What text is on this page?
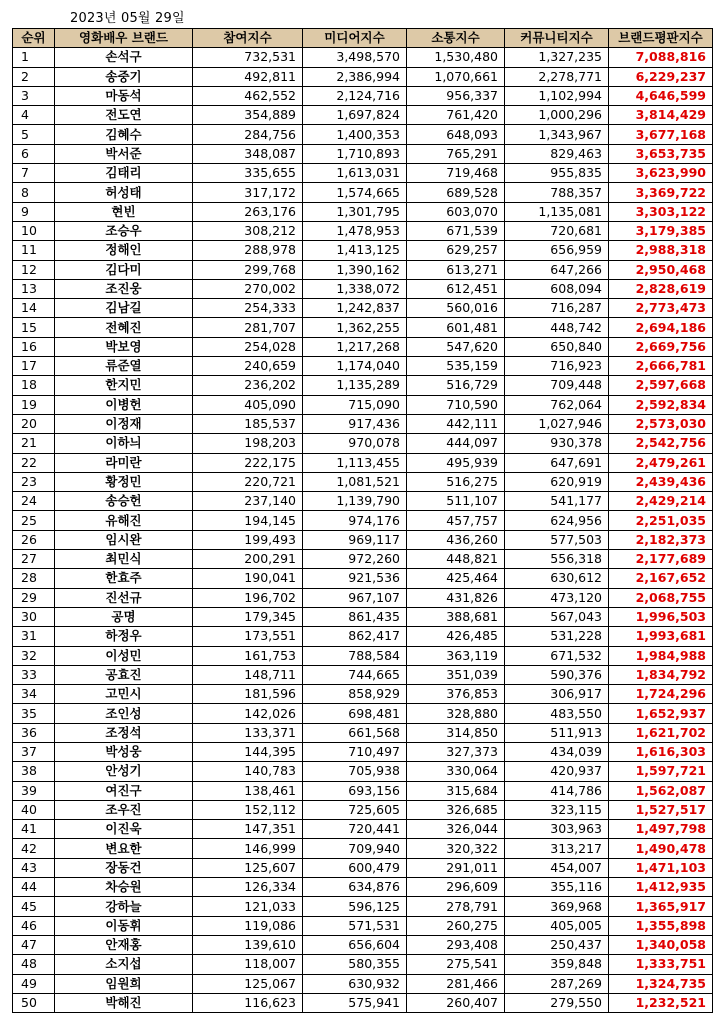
2023년 05월 29일
순위	영화배우 브랜드	참여지수	미디어지수	소통지수	커뮤니티지수	브랜드평판지수
1	손석구	732,531	3,498,570	1,530,480	1,327,235	7,088,816
2	송중기	492,811	2,386,994	1,070,661	2,278,771	6,229,237
3	마동석	462,552	2,124,716	956,337	1,102,994	4,646,599
4	전도연	354,889	1,697,824	761,420	1,000,296	3,814,429
5	김혜수	284,756	1,400,353	648,093	1,343,967	3,677,168
6	박서준	348,087	1,710,893	765,291	829,463	3,653,735
7	김태리	335,655	1,613,031	719,468	955,835	3,623,990
8	허성태	317,172	1,574,665	689,528	788,357	3,369,722
9	현빈	263,176	1,301,795	603,070	1,135,081	3,303,122
10	조승우	308,212	1,478,953	671,539	720,681	3,179,385
11	정해인	288,978	1,413,125	629,257	656,959	2,988,318
12	김다미	299,768	1,390,162	613,271	647,266	2,950,468
13	조진웅	270,002	1,338,072	612,451	608,094	2,828,619
14	김남길	254,333	1,242,837	560,016	716,287	2,773,473
15	전혜진	281,707	1,362,255	601,481	448,742	2,694,186
16	박보영	254,028	1,217,268	547,620	650,840	2,669,756
17	류준열	240,659	1,174,040	535,159	716,923	2,666,781
18	한지민	236,202	1,135,289	516,729	709,448	2,597,668
19	이병헌	405,090	715,090	710,590	762,064	2,592,834
20	이정재	185,537	917,436	442,111	1,027,946	2,573,030
21	이하늬	198,203	970,078	444,097	930,378	2,542,756
22	라미란	222,175	1,113,455	495,939	647,691	2,479,261
23	황정민	220,721	1,081,521	516,275	620,919	2,439,436
24	송승헌	237,140	1,139,790	511,107	541,177	2,429,214
25	유해진	194,145	974,176	457,757	624,956	2,251,035
26	임시완	199,493	969,117	436,260	577,503	2,182,373
27	최민식	200,291	972,260	448,821	556,318	2,177,689
28	한효주	190,041	921,536	425,464	630,612	2,167,652
29	진선규	196,702	967,107	431,826	473,120	2,068,755
30	공명	179,345	861,435	388,681	567,043	1,996,503
31	하정우	173,551	862,417	426,485	531,228	1,993,681
32	이성민	161,753	788,584	363,119	671,532	1,984,988
33	공효진	148,711	744,665	351,039	590,376	1,834,792
34	고민시	181,596	858,929	376,853	306,917	1,724,296
35	조인성	142,026	698,481	328,880	483,550	1,652,937
36	조정석	133,371	661,568	314,850	511,913	1,621,702
37	박성웅	144,395	710,497	327,373	434,039	1,616,303
38	안성기	140,783	705,938	330,064	420,937	1,597,721
39	여진구	138,461	693,156	315,684	414,786	1,562,087
40	조우진	152,112	725,605	326,685	323,115	1,527,517
41	이진욱	147,351	720,441	326,044	303,963	1,497,798
42	변요한	146,999	709,940	320,322	313,217	1,490,478
43	장동건	125,607	600,479	291,011	454,007	1,471,103
44	차승원	126,334	634,876	296,609	355,116	1,412,935
45	강하늘	121,033	596,125	278,791	369,968	1,365,917
46	이동휘	119,086	571,531	260,275	405,005	1,355,898
47	안재홍	139,610	656,604	293,408	250,437	1,340,058
48	소지섭	118,007	580,355	275,541	359,848	1,333,751
49	임원희	125,067	630,932	281,466	287,269	1,324,735
50	박해진	116,623	575,941	260,407	279,550	1,232,521
